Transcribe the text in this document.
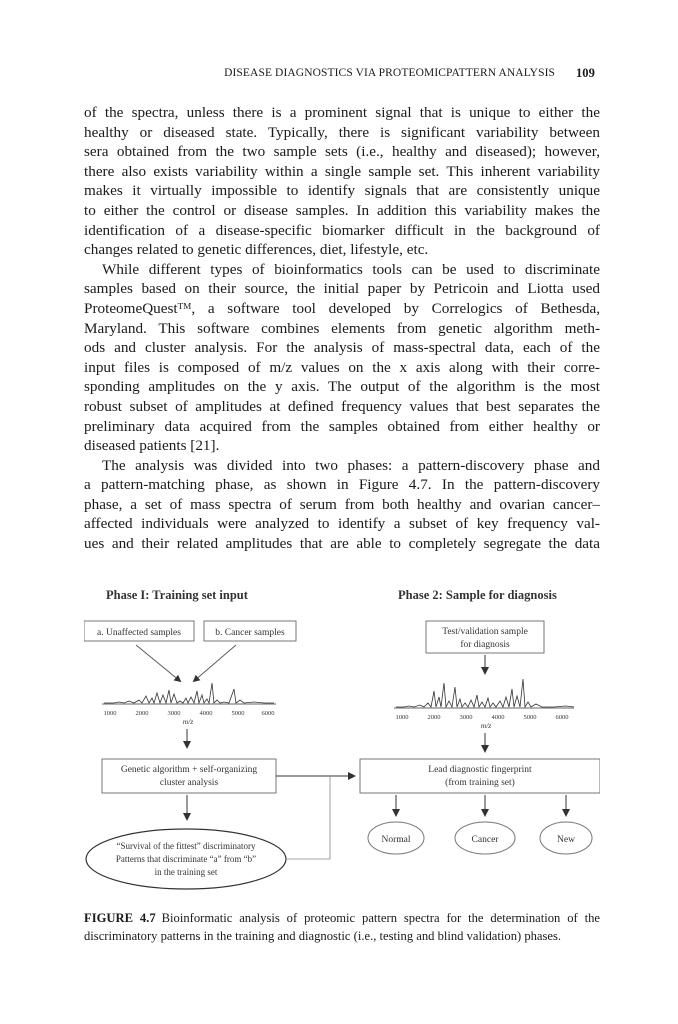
DISEASE DIAGNOSTICS VIA PROTEOMICPATTERN ANALYSIS 109
of the spectra, unless there is a prominent signal that is unique to either the
healthy or diseased state. Typically, there is significant variability between
sera obtained from the two sample sets (i.e., healthy and diseased); however,
there also exists variability within a single sample set. This inherent variability
makes it virtually impossible to identify signals that are consistently unique
to either the control or disease samples. In addition this variability makes the
identification of a disease-specific biomarker difficult in the background of
changes related to genetic differences, diet, lifestyle, etc.
While different types of bioinformatics tools can be used to discriminate
samples based on their source, the initial paper by Petricoin and Liotta used
ProteomeQuestᵀᴹ, a software tool developed by Correlogics of Bethesda,
Maryland. This software combines elements from genetic algorithm meth-
ods and cluster analysis. For the analysis of mass-spectral data, each of the
input files is composed of m/z values on the x axis along with their corre-
sponding amplitudes on the y axis. The output of the algorithm is the most
robust subset of amplitudes at defined frequency values that best separates the
preliminary data acquired from the samples obtained from either healthy or
diseased patients [21].
The analysis was divided into two phases: a pattern-discovery phase and
a pattern-matching phase, as shown in Figure 4.7. In the pattern-discovery
phase, a set of mass spectra of serum from both healthy and ovarian cancer–
affected individuals were analyzed to identify a subset of key frequency val-
ues and their related amplitudes that are able to completely segregate the data
Phase I: Training set input	Phase 2: Sample for diagnosis
a. Unaffected samples	b. Cancer samples
1000	2000	3000	4000	5000	6000
m/z
Genetic algorithm + self-organizing
cluster analysis
“Survival of the fittest” discriminatory
Patterns that discriminate “a” from “b”
in the training set
Test/validation sample
for diagnosis
1000	2000	3000	4000	5000	6000
m/z
Lead diagnostic fingerprint
(from training set)
Normal	Cancer	New
FIGURE 4.7 Bioinformatic analysis of proteomic pattern spectra for the determination of the discriminatory patterns in the training and diagnostic (i.e., testing and blind validation) phases.
